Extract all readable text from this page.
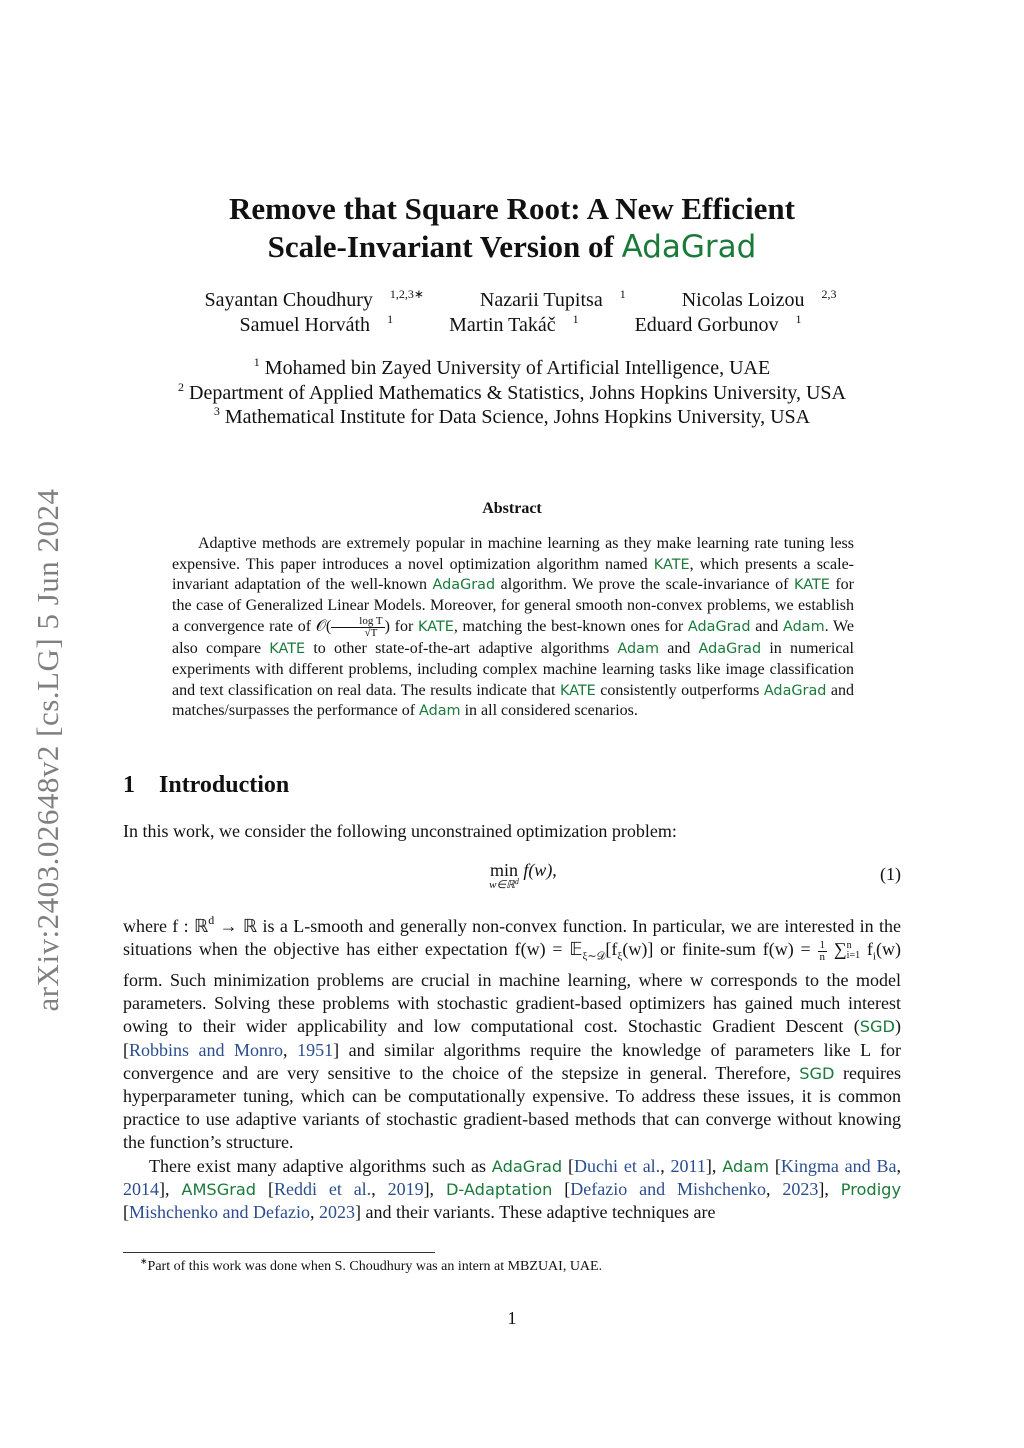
arXiv:2403.02648v2 [cs.LG] 5 Jun 2024
Remove that Square Root: A New Efficient
Scale-Invariant Version of AdaGrad
Sayantan Choudhury $^{1,2,3∗}$	Nazarii Tupitsa $^1$	Nicolas Loizou $^{2,3}$
Samuel Horváth $^1$	Martin Takáč $^1$	Eduard Gorbunov $^1$
$^1$ Mohamed bin Zayed University of Artificial Intelligence, UAE
$^2$ Department of Applied Mathematics & Statistics, Johns Hopkins University, USA
$^3$ Mathematical Institute for Data Science, Johns Hopkins University, USA
Abstract

Adaptive methods are extremely popular in machine learning as they make learning rate tuning less expensive. This paper introduces a novel optimization algorithm named KATE, which presents a scale-invariant adaptation of the well-known AdaGrad algorithm. We prove the scale-invariance of KATE for the case of Generalized Linear Models. Moreover, for general smooth non-convex problems, we establish a convergence rate of 𝒪( $\frac{\text{log T}}{√T}$ ) for KATE, matching the best-known ones for AdaGrad and Adam. We also compare KATE to other state-of-the-art adaptive algorithms Adam and AdaGrad in numerical experiments with different problems, including complex machine learning tasks like image classification and text classification on real data. The results indicate that KATE consistently outperforms AdaGrad and matches/surpasses the performance of Adam in all considered scenarios.

1 Introduction

In this work, we consider the following unconstrained optimization problem:

min
w∈ℝ$^d$
f(w),	(1)

where f : ℝ$^d$ → ℝ is a L-smooth and generally non-convex function. In particular, we are interested in the situations when the objective has either expectation $f(w) = 𝔼_{\xi\sim 𝒟}[f_\xi(w)]$ or finite-sum $f(w) = \frac{1}{n}$ ∑ n
i=1 $f_i(w)$ form. Such minimization problems are crucial in machine learning, where w corresponds to the model parameters. Solving these problems with stochastic gradient-based optimizers has gained much interest owing to their wider applicability and low computational cost. Stochastic Gradient Descent (SGD) [Robbins and Monro, 1951] and similar algorithms require the knowledge of parameters like L for convergence and are very sensitive to the choice of the stepsize in general. Therefore, SGD requires hyperparameter tuning, which can be computationally expensive. To address these issues, it is common practice to use adaptive variants of stochastic gradient-based methods that can converge without knowing the function’s structure.

There exist many adaptive algorithms such as AdaGrad [Duchi et al., 2011], Adam [Kingma and Ba, 2014], AMSGrad [Reddi et al., 2019], D-Adaptation [Defazio and Mishchenko, 2023], Prodigy [Mishchenko and Defazio, 2023] and their variants. These adaptive techniques are

∗Part of this work was done when S. Choudhury was an intern at MBZUAI, UAE.
1
